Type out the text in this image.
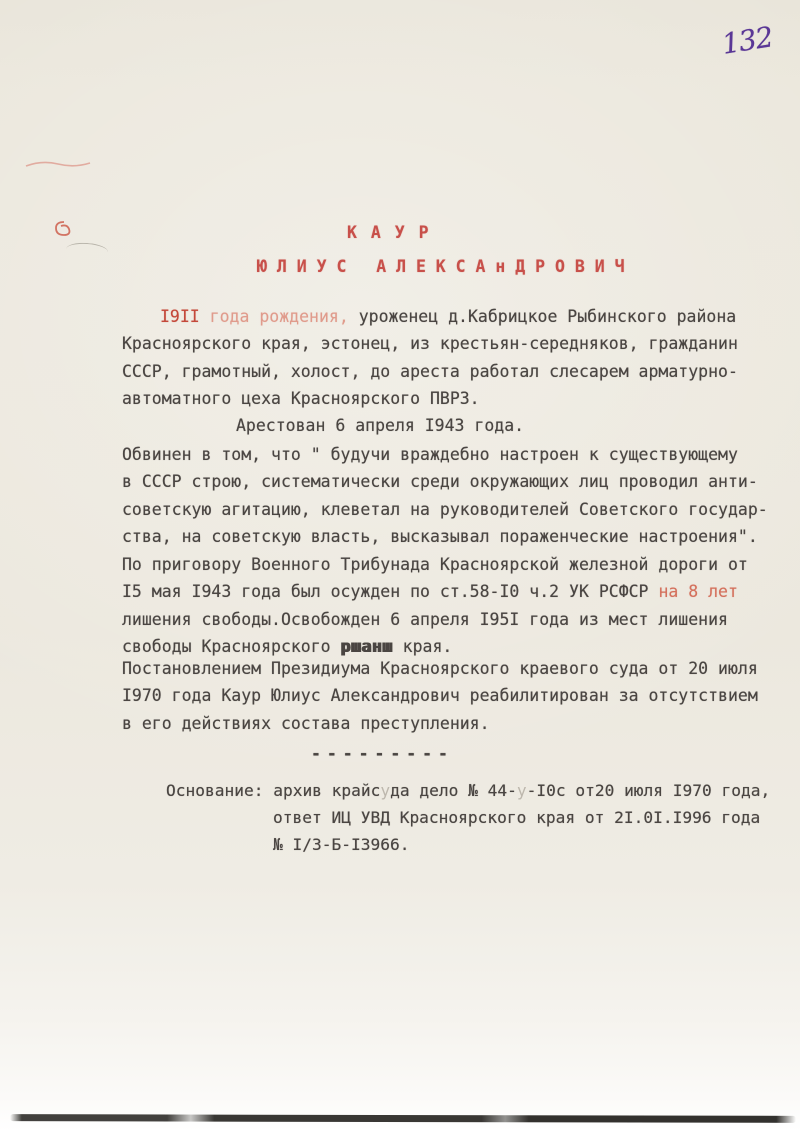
132
К А У Р
Ю Л И У С   А Л Е К С А н Д Р О В И Ч
I9II года рождения, уроженец д.Кабрицкое Рыбинского района
Красноярского края, эстонец, из крестьян-середняков, гражданин
СССР, грамотный, холост, до ареста работал слесарем арматурно-
автоматного цеха Красноярского ПВРЗ.
Арестован 6 апреля I943 года.
Обвинен в том, что " будучи враждебно настроен к существующему
в СССР строю, систематически среди окружающих лиц проводил анти-
советскую агитацию, клеветал на руководителей Советского государ-
ства, на советскую власть, высказывал пораженческие настроения".
По приговору Военного Трибунада Красноярской железной дороги от
I5 мая I943 года был осужден по ст.58-I0 ч.2 УК РСФСР на 8 лет
лишения свободы.Освобожден 6 апреля I95I года из мест лишения
свободы Красноярского ршанш края.
Постановлением Президиума Красноярского краевого суда от 20 июля
I970 года Каур Юлиус Александрович реабилитирован за отсутствием
в его действиях состава преступления.
- - - - - - - - -
Основание: архив крайсуда дело № 44-у-I0с от20 июля I970 года,
ответ ИЦ УВД Красноярского края от 2I.0I.I996 года
№ I/3-Б-I3966.
